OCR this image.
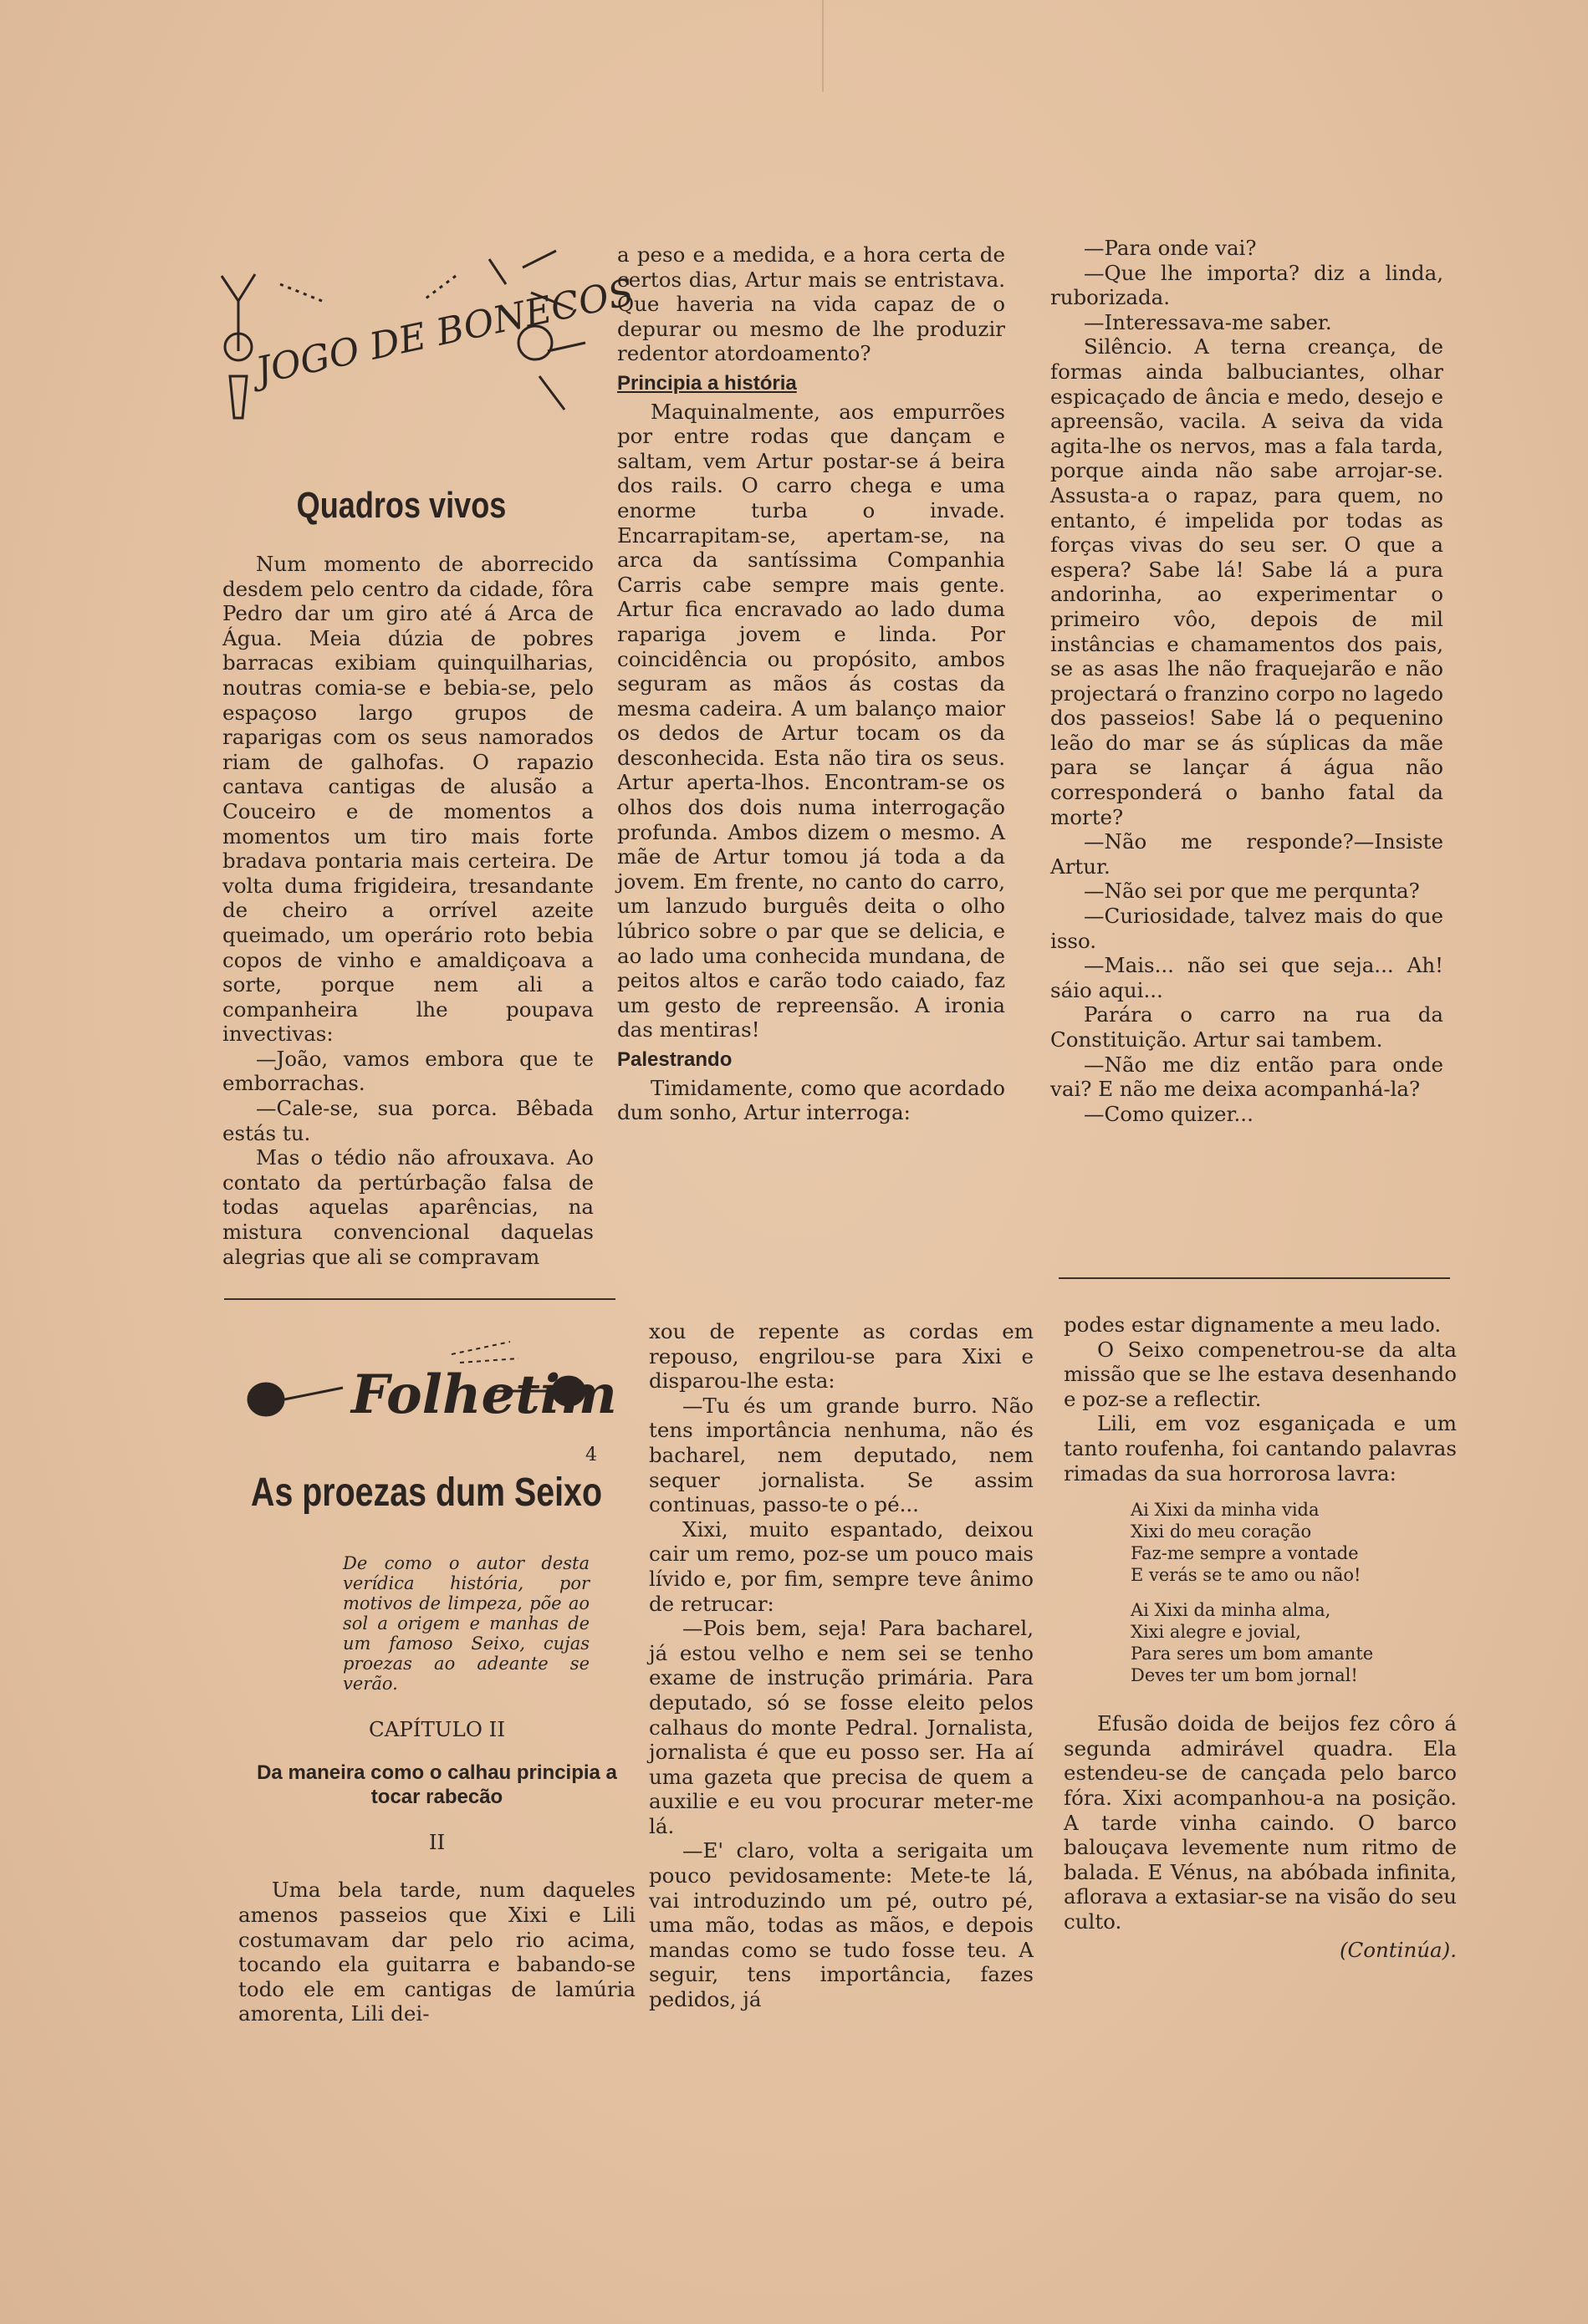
JOGO DE BONECOS
Quadros vivos

Num momento de aborrecido desdem pelo centro da cidade, fôra Pedro dar um giro até á Arca de Água. Meia dúzia de pobres barracas exibiam quinquilharias, noutras comia-se e bebia-se, pelo espaçoso largo grupos de raparigas com os seus namorados riam de galhofas. O rapazio cantava cantigas de alusão a Couceiro e de momentos a momentos um tiro mais forte bradava pontaria mais certeira. De volta duma frigideira, tresandante de cheiro a orrível azeite queimado, um operário roto bebia copos de vinho e amaldiçoava a sorte, porque nem ali a companheira lhe poupava invectivas:

—João, vamos embora que te emborrachas.

—Cale-se, sua porca. Bêbada estás tu.

Mas o tédio não afrouxava. Ao contato da pertúrbação falsa de todas aquelas aparências, na mistura convencional daquelas alegrias que ali se compravam

a peso e a medida, e a hora certa de certos dias, Artur mais se entristava. Que haveria na vida capaz de o depurar ou mesmo de lhe produzir redentor atordoamento?

Principia a história

Maquinalmente, aos empurrões por entre rodas que dançam e saltam, vem Artur postar-se á beira dos rails. O carro chega e uma enorme turba o invade. Encarrapitam-se, apertam-se, na arca da santíssima Companhia Carris cabe sempre mais gente. Artur fica encravado ao lado duma rapariga jovem e linda. Por coincidência ou propósito, ambos seguram as mãos ás costas da mesma cadeira. A um balanço maior os dedos de Artur tocam os da desconhecida. Esta não tira os seus. Artur aperta-lhos. Encontram-se os olhos dos dois numa interrogação profunda. Ambos dizem o mesmo. A mãe de Artur tomou já toda a da jovem. Em frente, no canto do carro, um lanzudo burguês deita o olho lúbrico sobre o par que se delicia, e ao lado uma conhecida mundana, de peitos altos e carão todo caiado, faz um gesto de repreensão. A ironia das mentiras!

Palestrando

Timidamente, como que acordado dum sonho, Artur interroga:

—Para onde vai?

—Que lhe importa? diz a linda, ruborizada.

—Interessava-me saber.

Silêncio. A terna creança, de formas ainda balbuciantes, olhar espicaçado de ância e medo, desejo e apreensão, vacila. A seiva da vida agita-lhe os nervos, mas a fala tarda, porque ainda não sabe arrojar-se. Assusta-a o rapaz, para quem, no entanto, é impelida por todas as forças vivas do seu ser. O que a espera? Sabe lá! Sabe lá a pura andorinha, ao experimentar o primeiro vôo, depois de mil instâncias e chamamentos dos pais, se as asas lhe não fraquejarão e não projectará o franzino corpo no lagedo dos passeios! Sabe lá o pequenino leão do mar se ás súplicas da mãe para se lançar á água não corresponderá o banho fatal da morte?

—Não me responde?—Insiste Artur.

—Não sei por que me perqunta?

—Curiosidade, talvez mais do que isso.

—Mais... não sei que seja... Ah! sáio aqui...

Parára o carro na rua da Constituição. Artur sai tambem.

—Não me diz então para onde vai? E não me deixa acompanhá-la?

—Como quizer...

Folhetim
4
As proezas dum Seixo
De como o autor desta verídica história, por motivos de limpeza, põe ao sol a origem e manhas de um famoso Seixo, cujas proezas ao adeante se verão.

CAPÍTULO II

Da maneira como o calhau principia a tocar rabecão

II

Uma bela tarde, num daqueles amenos passeios que Xixi e Lili costumavam dar pelo rio acima, tocando ela guitarra e babando-se todo ele em cantigas de lamúria amorenta, Lili dei-

xou de repente as cordas em repouso, engrilou-se para Xixi e disparou-lhe esta:

—Tu és um grande burro. Não tens importância nenhuma, não és bacharel, nem deputado, nem sequer jornalista. Se assim continuas, passo-te o pé...

Xixi, muito espantado, deixou cair um remo, poz-se um pouco mais lívido e, por fim, sempre teve ânimo de retrucar:

—Pois bem, seja! Para bacharel, já estou velho e nem sei se tenho exame de instrução primária. Para deputado, só se fosse eleito pelos calhaus do monte Pedral. Jornalista, jornalista é que eu posso ser. Ha aí uma gazeta que precisa de quem a auxilie e eu vou procurar meter-me lá.

—E' claro, volta a serigaita um pouco pevidosamente: Mete-te lá, vai introduzindo um pé, outro pé, uma mão, todas as mãos, e depois mandas como se tudo fosse teu. A seguir, tens importância, fazes pedidos, já

podes estar dignamente a meu lado.

O Seixo compenetrou-se da alta missão que se lhe estava desenhando e poz-se a reflectir.

Lili, em voz esganiçada e um tanto roufenha, foi cantando palavras rimadas da sua horrorosa lavra:

Ai Xixi da minha vida
Xixi do meu coração
Faz-me sempre a vontade
E verás se te amo ou não!
Ai Xixi da minha alma,
Xixi alegre e jovial,
Para seres um bom amante
Deves ter um bom jornal!

Efusão doida de beijos fez côro á segunda admirável quadra. Ela estendeu-se de cançada pelo barco fóra. Xixi acompanhou-a na posição. A tarde vinha caindo. O barco balouçava levemente num ritmo de balada. E Vénus, na abóbada infinita, aflorava a extasiar-se na visão do seu culto.

(Continúa).
